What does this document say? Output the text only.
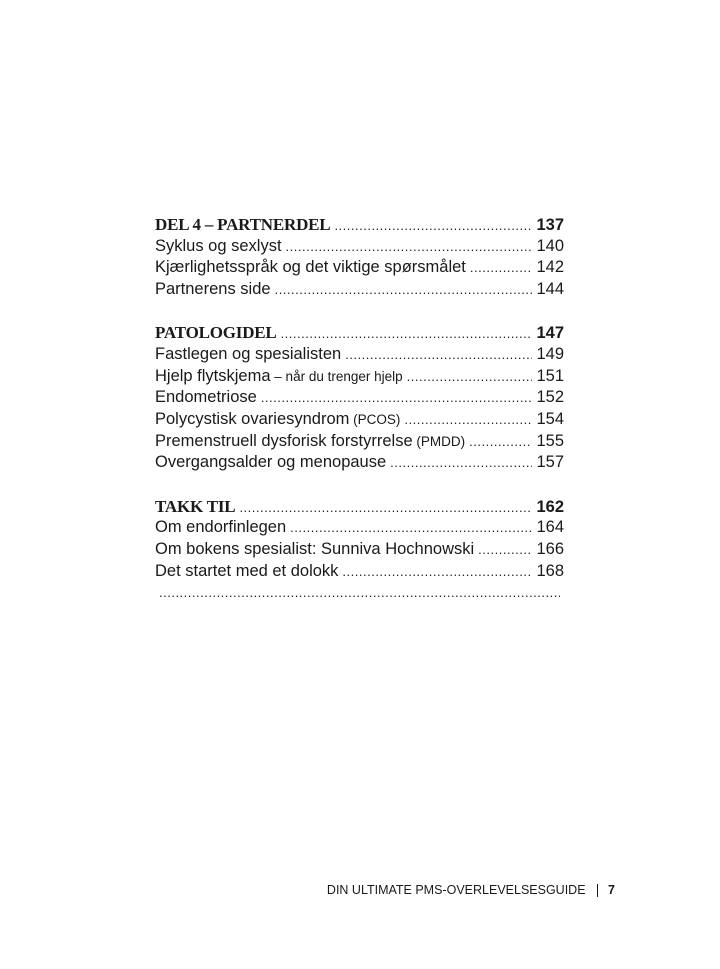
DEL 4 – PARTNERDEL .....	137
Syklus og sexlyst .....	140
Kjærlighetsspråk og det viktige spørsmålet .....	142
Partnerens side .....	144
PATOLOGIDEL .....	147
Fastlegen og spesialisten .....	149
Hjelp flytskjema – når du trenger hjelp .....	151
Endometriose .....	152
Polycystisk ovariesyndrom (PCOS) .....	154
Premenstruell dysforisk forstyrrelse (PMDD) .....	155
Overgangsalder og menopause .....	157
TAKK TIL .....	162
Om endorfinlegen .....	164
Om bokens spesialist: Sunniva Hochnowski .....	166
Det startet med et dolokk .....	168
.....
DIN ULTIMATE PMS-OVERLEVELSESGUIDE 7
